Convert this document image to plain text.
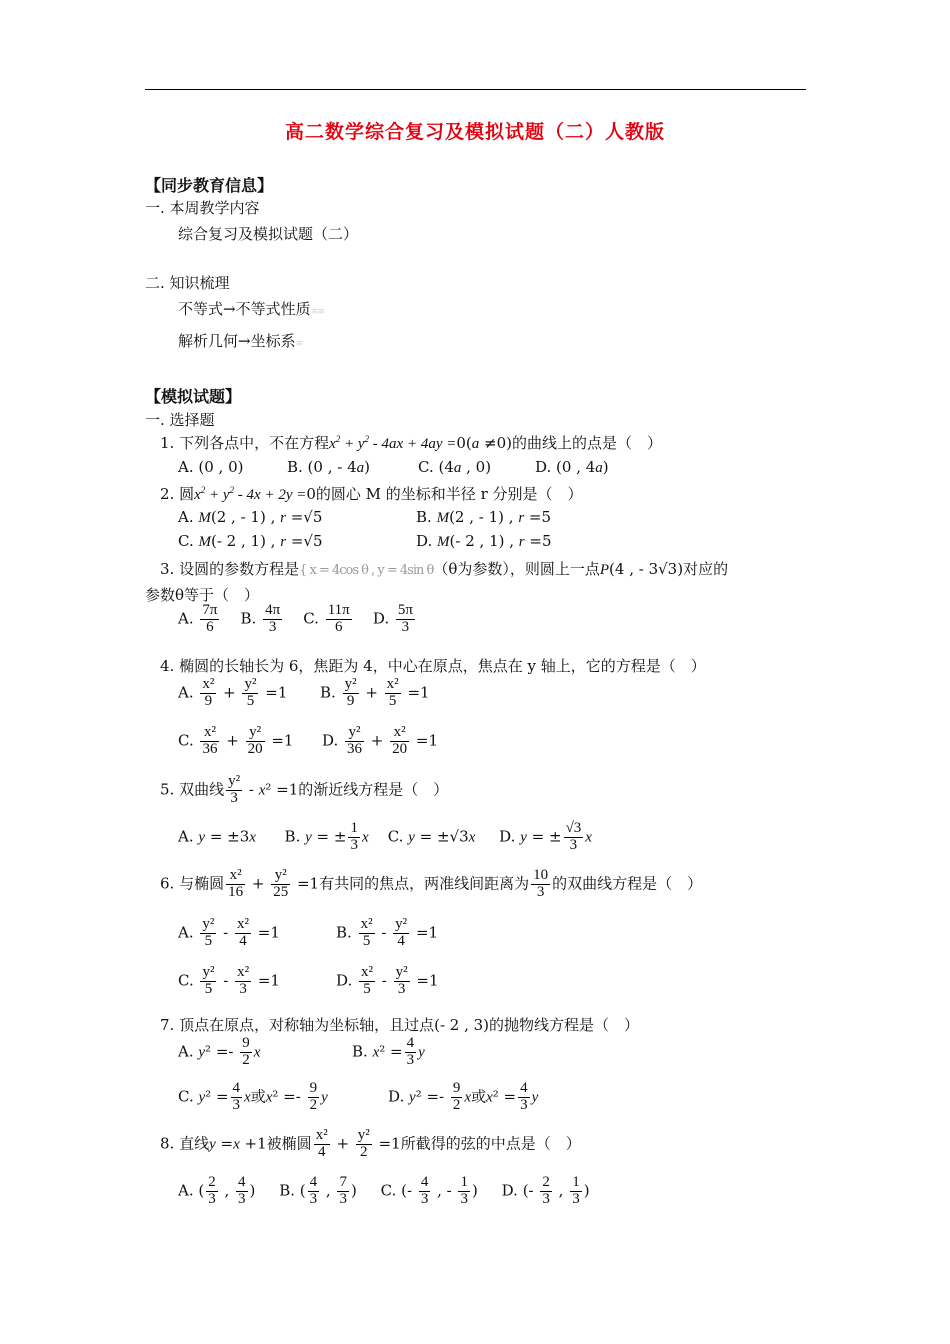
高二数学综合复习及模拟试题（二）人教版
【同步教育信息】
一. 本周教学内容
综合复习及模拟试题（二）
二. 知识梳理
不等式→不等式性质≡≡
解析几何→坐标系≡
【模拟试题】
一. 选择题
1. 下列各点中，不在方程$x^2 + y^2 - 4ax + 4ay =0(a \ne 0)$的曲线上的点是（　）
A. (0 , 0)	B. (0 , - 4a)	C. (4a , 0)	D. (0 , 4a)
2. 圆$x^2 + y^2 - 4x + 2y =0$的圆心 M 的坐标和半径 r 分别是（　）
A. M(2 , - 1) , r =√5	B. M(2 , - 1) , r =5
C. M(- 2 , 1) , r =√5	D. M(- 2 , 1) , r =5
3. 设圆的参数方程是{ x = 4cos θ , y = 4sin θ（θ为参数），则圆上一点P(4 , - 3√3)对应的
参数θ等于（　）
A. $\frac{7\pi}{6} B$. $\frac{4\pi}{3} C$. $\frac{11\pi}{6} D$. $\frac{5\pi}{3}$
4. 椭圆的长轴长为 6，焦距为 4，中心在原点，焦点在 y 轴上，它的方程是（　）
A. $\frac{\text{x²}}{9} + \frac{\text{y²}}{5} =1$ B. $\frac{\text{y²}}{9} + \frac{\text{x²}}{5} =1$
C. $\frac{\text{x²}}{36} + \frac{\text{y²}}{20} =1$ D. $\frac{\text{y²}}{36} + \frac{\text{x²}}{20} =1$
5. 双曲线 $\frac{\text{y²}}{3} - x^2 =1$的渐近线方程是（　）
A. y = ±3x      B. y = ± $\frac{1}{3}$ x    C. y = ±√3x     D. y = ± $\frac{√3}{3}$ x
6. 与椭圆 $\frac{\text{x²}}{16} + \frac{\text{y²}}{25} =1$有共同的焦点，两准线间距离为 $\frac{10}{3}$ 的双曲线方程是（　）
A. $\frac{\text{y²}}{5} - \frac{\text{x²}}{4} =1$	B. $\frac{\text{x²}}{5} - \frac{\text{y²}}{4} =1$
C. $\frac{\text{y²}}{5} - \frac{\text{x²}}{3} =1$	D. $\frac{\text{x²}}{5} - \frac{\text{y²}}{3} =1$
7. 顶点在原点，对称轴为坐标轴，且过点(- 2 , 3)的抛物线方程是（　）
A. $y^2 =- \frac{9}{2}$ x	B. $x^2 = \frac{4}{3}$ y
C. $y^2 = \frac{4}{3}$ x或$x^2 =- \frac{9}{2}$ y	D. $y^2 =- \frac{9}{2}$ x或$x^2 = \frac{4}{3}$ y
8. 直线y =x +1被椭圆 $\frac{\text{x²}}{4} + \frac{\text{y²}}{2} =1$所截得的弦的中点是（　）
A. ( $\frac{2}{3}$ , $\frac{4}{3}$ )     B. ( $\frac{4}{3}$ , $\frac{7}{3}$ )     C. (- $\frac{4}{3}$ , - $\frac{1}{3}$ )     D. (- $\frac{2}{3}$ , $\frac{1}{3}$ )
